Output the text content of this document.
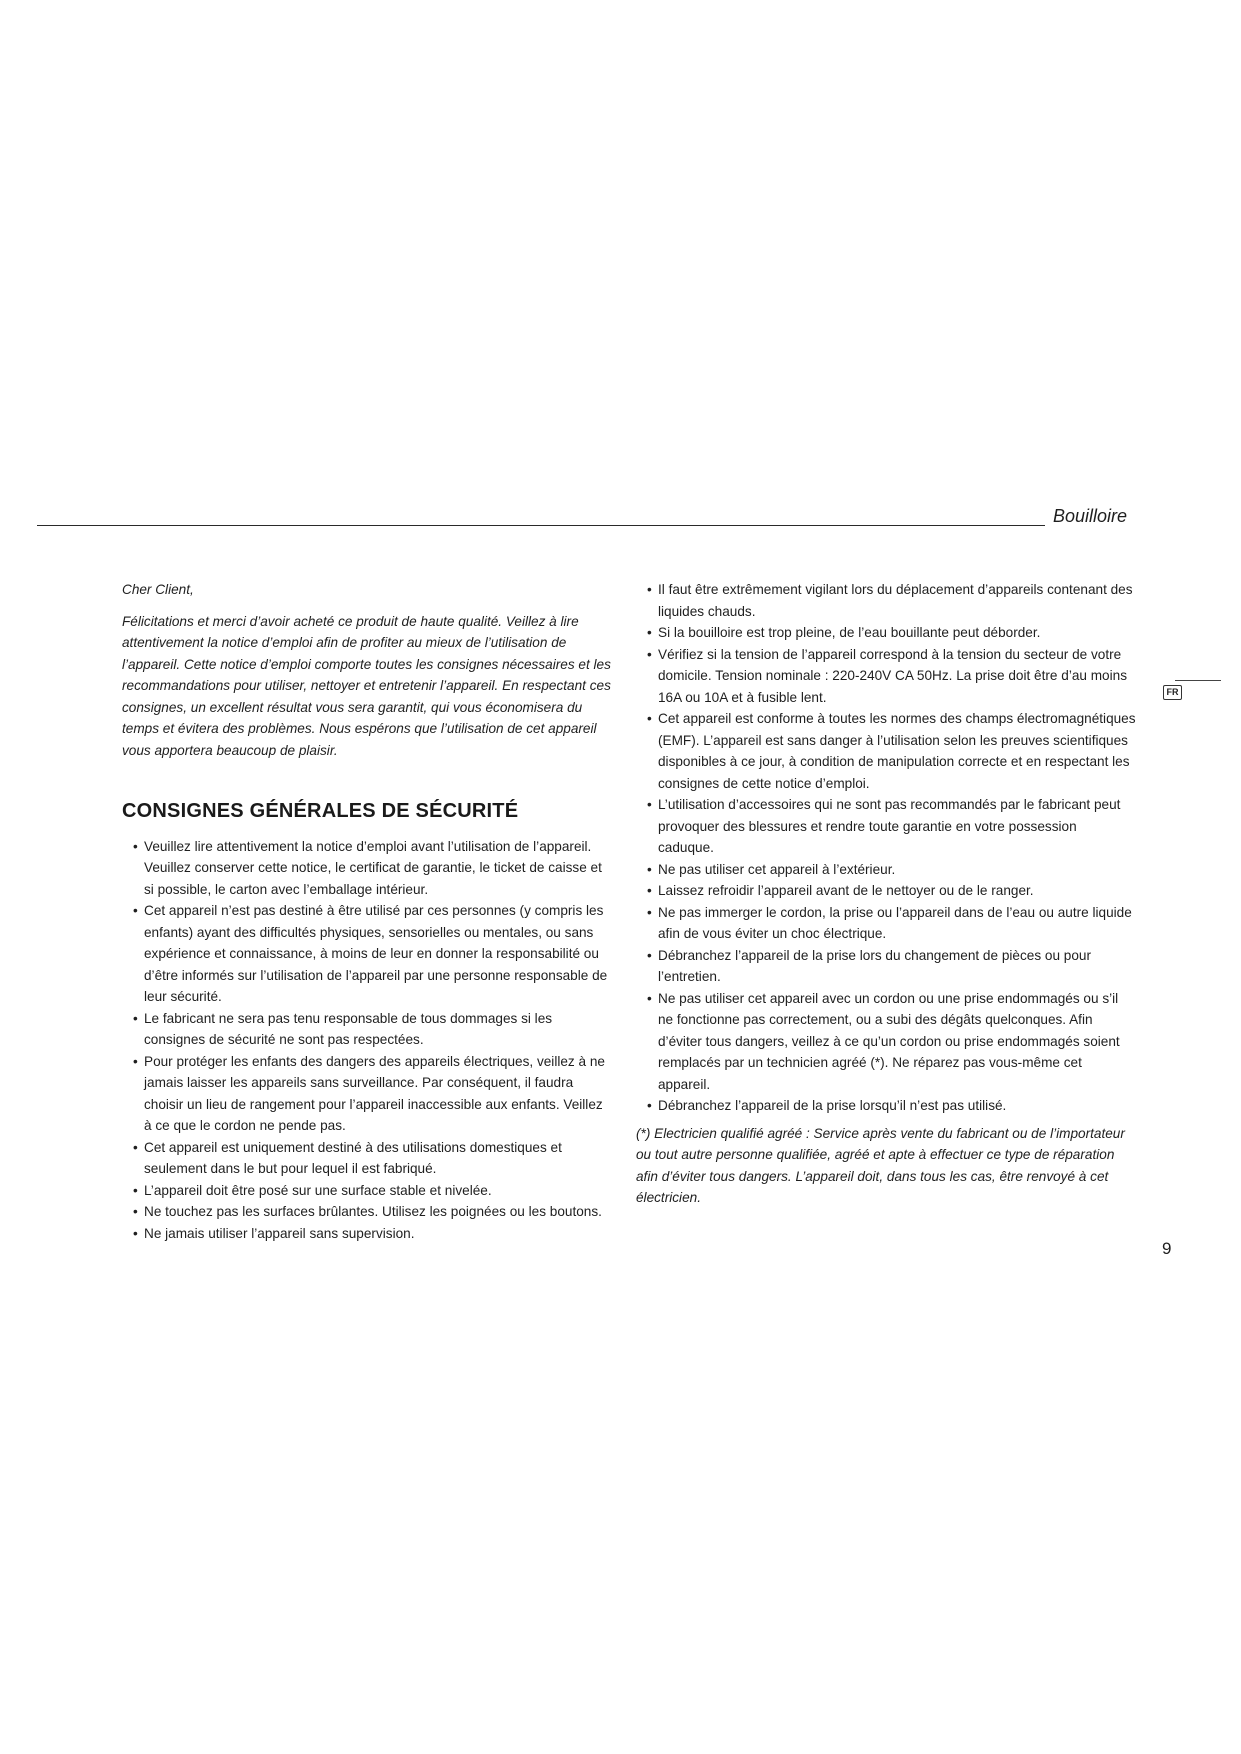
Bouilloire
FR

Cher Client,

Félicitations et merci d’avoir acheté ce produit de haute qualité. Veillez à lire attentivement la notice d’emploi afin de profiter au mieux de l’utilisation de l’appareil. Cette notice d’emploi comporte toutes les consignes nécessaires et les recommandations pour utiliser, nettoyer et entretenir l’appareil. En respectant ces consignes, un excellent résultat vous sera garantit, qui vous économisera du temps et évitera des problèmes. Nous espérons que l’utilisation de cet appareil vous apportera beaucoup de plaisir.

CONSIGNES GÉNÉRALES DE SÉCURITÉ
• Veuillez lire attentivement la notice d’emploi avant l’utilisation de l’appareil. Veuillez conserver cette notice, le certificat de garantie, le ticket de caisse et si possible, le carton avec l’emballage intérieur.
• Cet appareil n’est pas destiné à être utilisé par ces personnes (y compris les enfants) ayant des difficultés physiques, sensorielles ou mentales, ou sans expérience et connaissance, à moins de leur en donner la responsabilité ou d’être informés sur l’utilisation de l’appareil par une personne responsable de leur sécurité.
• Le fabricant ne sera pas tenu responsable de tous dommages si les consignes de sécurité ne sont pas respectées.
• Pour protéger les enfants des dangers des appareils électriques, veillez à ne jamais laisser les appareils sans surveillance. Par conséquent, il faudra choisir un lieu de rangement pour l’appareil inaccessible aux enfants. Veillez à ce que le cordon ne pende pas.
• Cet appareil est uniquement destiné à des utilisations domestiques et seulement dans le but pour lequel il est fabriqué.
• L’appareil doit être posé sur une surface stable et nivelée.
• Ne touchez pas les surfaces brûlantes. Utilisez les poignées ou les boutons.
• Ne jamais utiliser l’appareil sans supervision.
• Il faut être extrêmement vigilant lors du déplacement d’appareils contenant des liquides chauds.
• Si la bouilloire est trop pleine, de l’eau bouillante peut déborder.
• Vérifiez si la tension de l’appareil correspond à la tension du secteur de votre domicile. Tension nominale : 220-240V CA 50Hz. La prise doit être d’au moins 16A ou 10A et à fusible lent.
• Cet appareil est conforme à toutes les normes des champs électromagnétiques (EMF). L’appareil est sans danger à l’utilisation selon les preuves scientifiques disponibles à ce jour, à condition de manipulation correcte et en respectant les consignes de cette notice d’emploi.
• L’utilisation d’accessoires qui ne sont pas recommandés par le fabricant peut provoquer des blessures et rendre toute garantie en votre possession caduque.
• Ne pas utiliser cet appareil à l’extérieur.
• Laissez refroidir l’appareil avant de le nettoyer ou de le ranger.
• Ne pas immerger le cordon, la prise ou l’appareil dans de l’eau ou autre liquide afin de vous éviter un choc électrique.
• Débranchez l’appareil de la prise lors du changement de pièces ou pour l’entretien.
• Ne pas utiliser cet appareil avec un cordon ou une prise endommagés ou s’il ne fonctionne pas correctement, ou a subi des dégâts quelconques. Afin d’éviter tous dangers, veillez à ce qu’un cordon ou prise endommagés soient remplacés par un technicien agréé (*). Ne réparez pas vous-même cet appareil.
• Débranchez l’appareil de la prise lorsqu’il n’est pas utilisé.

(*) Electricien qualifié agréé : Service après vente du fabricant ou de l’importateur ou tout autre personne qualifiée, agréé et apte à effectuer ce type de réparation afin d’éviter tous dangers. L’appareil doit, dans tous les cas, être renvoyé à cet électricien.

9
